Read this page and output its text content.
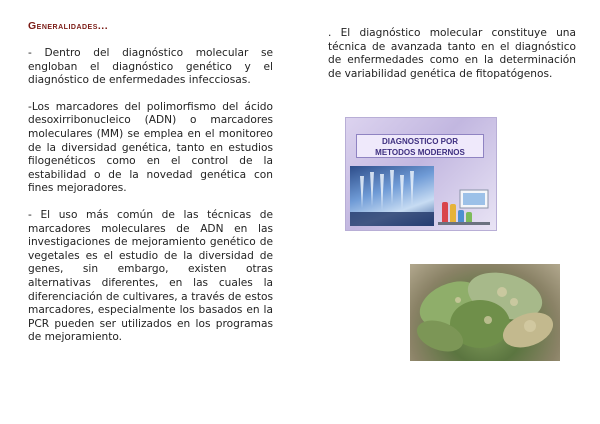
Generalidades...

- Dentro del diagnóstico molecular se engloban el diagnóstico genético y el diagnóstico de enfermedades infecciosas.

-Los marcadores del polimorfismo del ácido desoxirribonucleico (ADN) o marcadores moleculares (MM) se emplea en el monitoreo de la diversidad genética, tanto en estudios filogenéticos como en el control de la estabilidad o de la novedad genética con fines mejoradores.

- El uso más común de las técnicas de marcadores moleculares de ADN en las investigaciones de mejoramiento genético de vegetales es el estudio de la diversidad de genes, sin embargo, existen otras alternativas diferentes, en las cuales la diferenciación de cultivares, a través de estos marcadores, especialmente los basados en la PCR pueden ser utilizados en los programas de mejoramiento.

. El diagnóstico molecular constituye una técnica de avanzada tanto en el diagnóstico de enfermedades como en la determinación de variabilidad genética de fitopatógenos.

DIAGNOSTICO POR
METODOS MODERNOS
